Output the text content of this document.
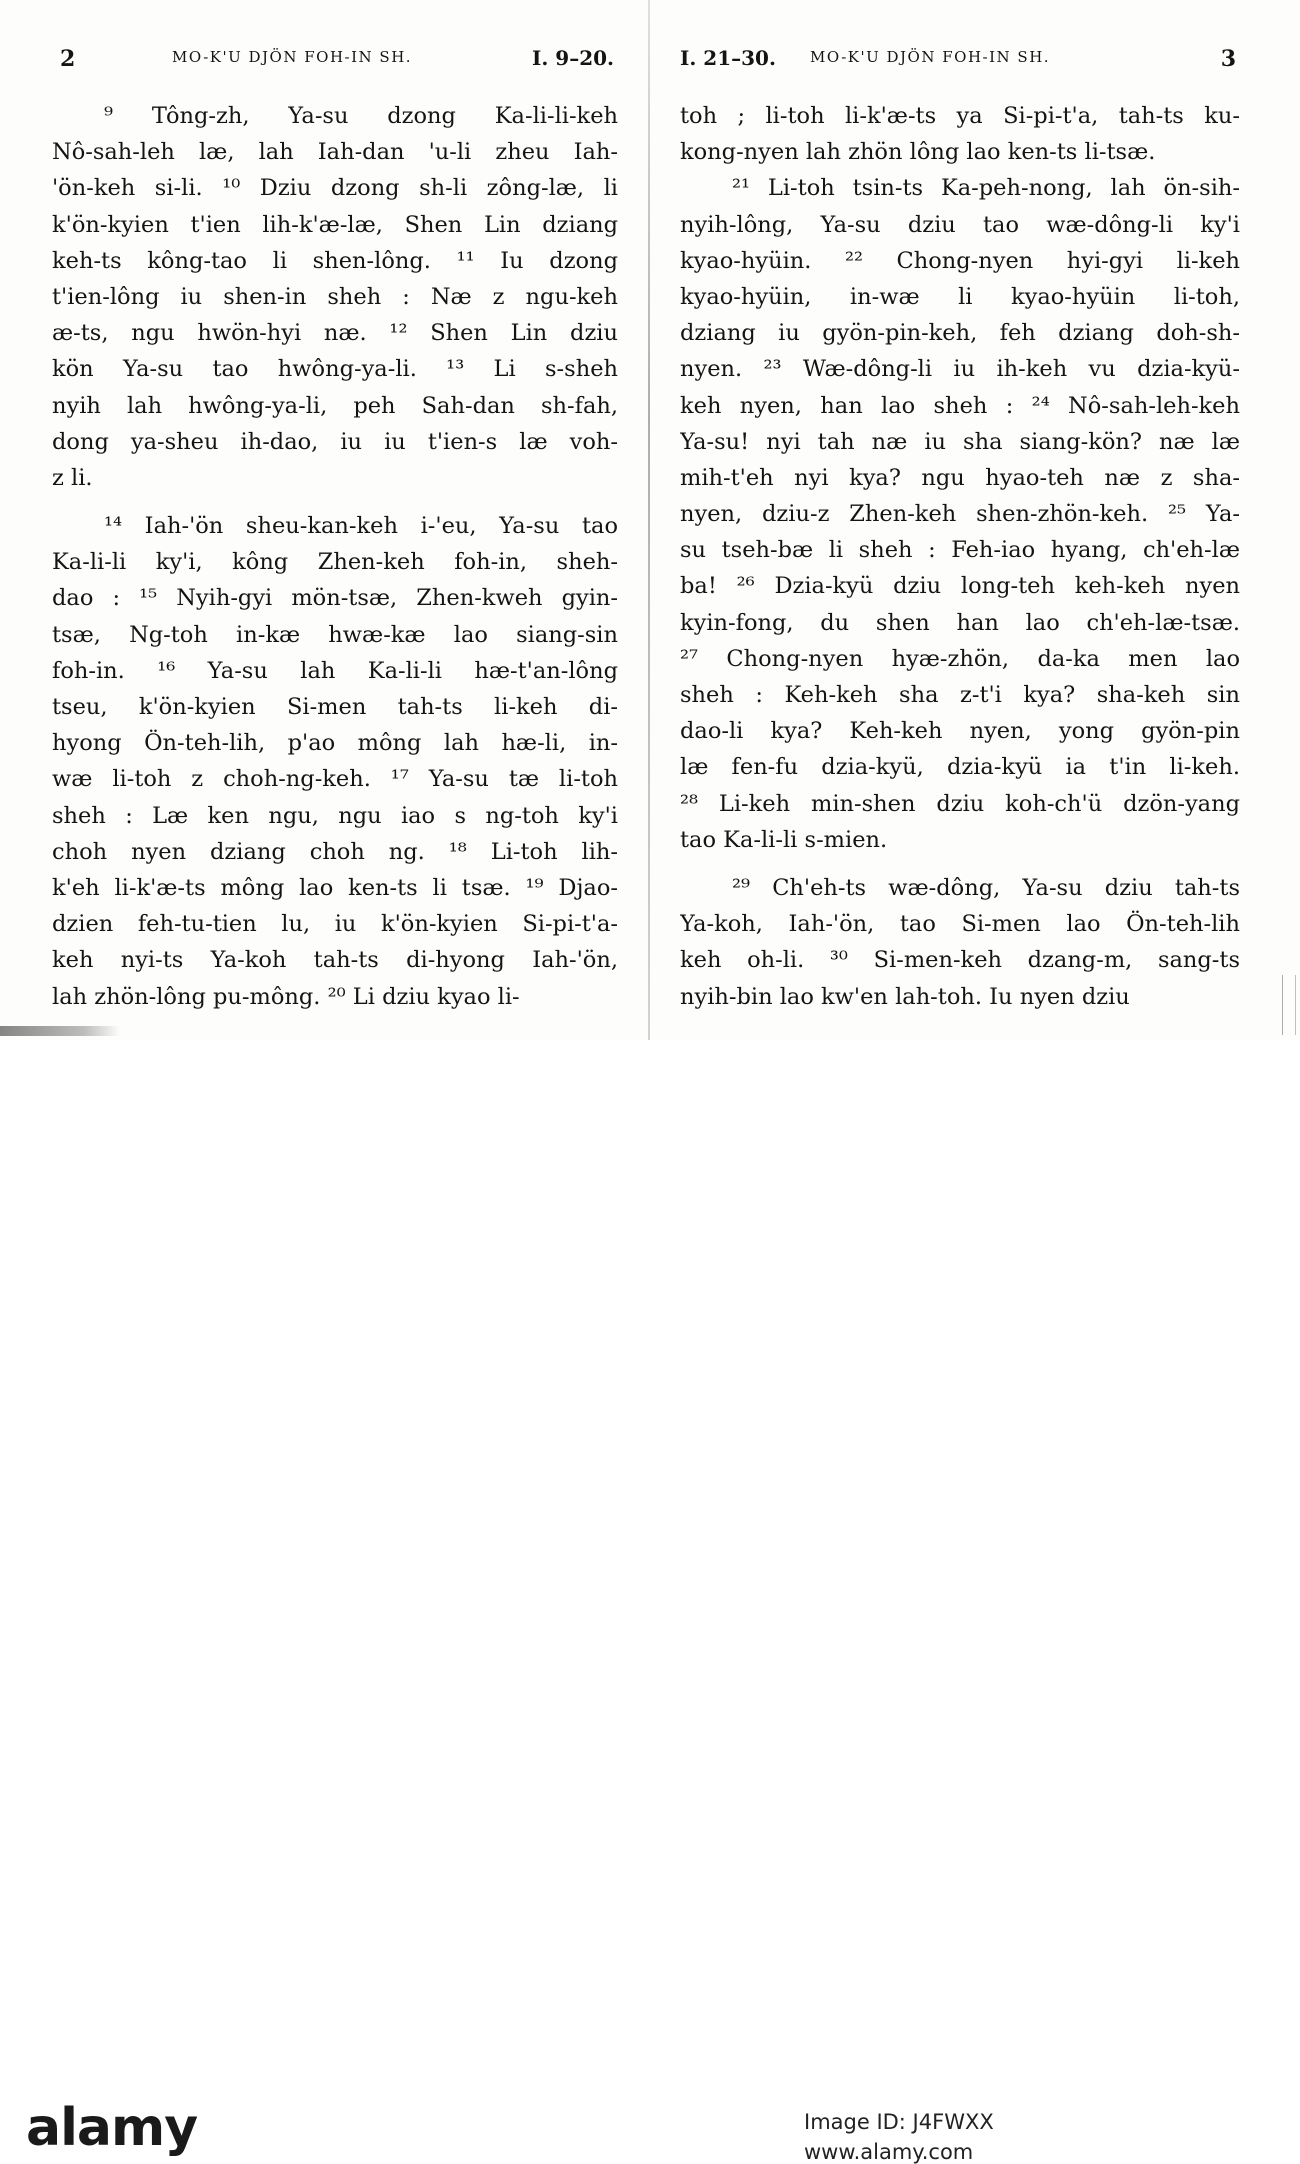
2	MO-K'U DJÖN FOH-IN SH.	I. 9–20.
⁹ Tông-zh, Ya-su dzong Ka-li-li-keh
Nô-sah-leh læ, lah Iah-dan 'u-li zheu Iah-
'ön-keh si-li. ¹⁰ Dziu dzong sh-li zông-læ, li
k'ön-kyien t'ien lih-k'æ-læ, Shen Lin dziang
keh-ts kông-tao li shen-lông. ¹¹ Iu dzong
t'ien-lông iu shen-in sheh : Næ z ngu-keh
æ-ts, ngu hwön-hyi næ. ¹² Shen Lin dziu
kön Ya-su tao hwông-ya-li. ¹³ Li s-sheh
nyih lah hwông-ya-li, peh Sah-dan sh-fah,
dong ya-sheu ih-dao, iu iu t'ien-s læ voh-
z li.
¹⁴ Iah-'ön sheu-kan-keh i-'eu, Ya-su tao
Ka-li-li ky'i, kông Zhen-keh foh-in, sheh-
dao : ¹⁵ Nyih-gyi mön-tsæ, Zhen-kweh gyin-
tsæ, Ng-toh in-kæ hwæ-kæ lao siang-sin
foh-in. ¹⁶ Ya-su lah Ka-li-li hæ-t'an-lông
tseu, k'ön-kyien Si-men tah-ts li-keh di-
hyong Ön-teh-lih, p'ao mông lah hæ-li, in-
wæ li-toh z choh-ng-keh. ¹⁷ Ya-su tæ li-toh
sheh : Læ ken ngu, ngu iao s ng-toh ky'i
choh nyen dziang choh ng. ¹⁸ Li-toh lih-
k'eh li-k'æ-ts mông lao ken-ts li tsæ. ¹⁹ Djao-
dzien feh-tu-tien lu, iu k'ön-kyien Si-pi-t'a-
keh nyi-ts Ya-koh tah-ts di-hyong Iah-'ön,
lah zhön-lông pu-mông. ²⁰ Li dziu kyao li-
I. 21–30. MO-K'U DJÖN FOH-IN SH.	3
toh ; li-toh li-k'æ-ts ya Si-pi-t'a, tah-ts ku-
kong-nyen lah zhön lông lao ken-ts li-tsæ.
²¹ Li-toh tsin-ts Ka-peh-nong, lah ön-sih-
nyih-lông, Ya-su dziu tao wæ-dông-li ky'i
kyao-hyüin. ²² Chong-nyen hyi-gyi li-keh
kyao-hyüin, in-wæ li kyao-hyüin li-toh,
dziang iu gyön-pin-keh, feh dziang doh-sh-
nyen. ²³ Wæ-dông-li iu ih-keh vu dzia-kyü-
keh nyen, han lao sheh : ²⁴ Nô-sah-leh-keh
Ya-su! nyi tah næ iu sha siang-kön? næ læ
mih-t'eh nyi kya? ngu hyao-teh næ z sha-
nyen, dziu-z Zhen-keh shen-zhön-keh. ²⁵ Ya-
su tseh-bæ li sheh : Feh-iao hyang, ch'eh-læ
ba! ²⁶ Dzia-kyü dziu long-teh keh-keh nyen
kyin-fong, du shen han lao ch'eh-læ-tsæ.
²⁷ Chong-nyen hyæ-zhön, da-ka men lao
sheh : Keh-keh sha z-t'i kya? sha-keh sin
dao-li kya? Keh-keh nyen, yong gyön-pin
læ fen-fu dzia-kyü, dzia-kyü ia t'in li-keh.
²⁸ Li-keh min-shen dziu koh-ch'ü dzön-yang
tao Ka-li-li s-mien.
²⁹ Ch'eh-ts wæ-dông, Ya-su dziu tah-ts
Ya-koh, Iah-'ön, tao Si-men lao Ön-teh-lih
keh oh-li. ³⁰ Si-men-keh dzang-m, sang-ts
nyih-bin lao kw'en lah-toh. Iu nyen dziu
alamy	Image ID: J4FWXX
www.alamy.com
